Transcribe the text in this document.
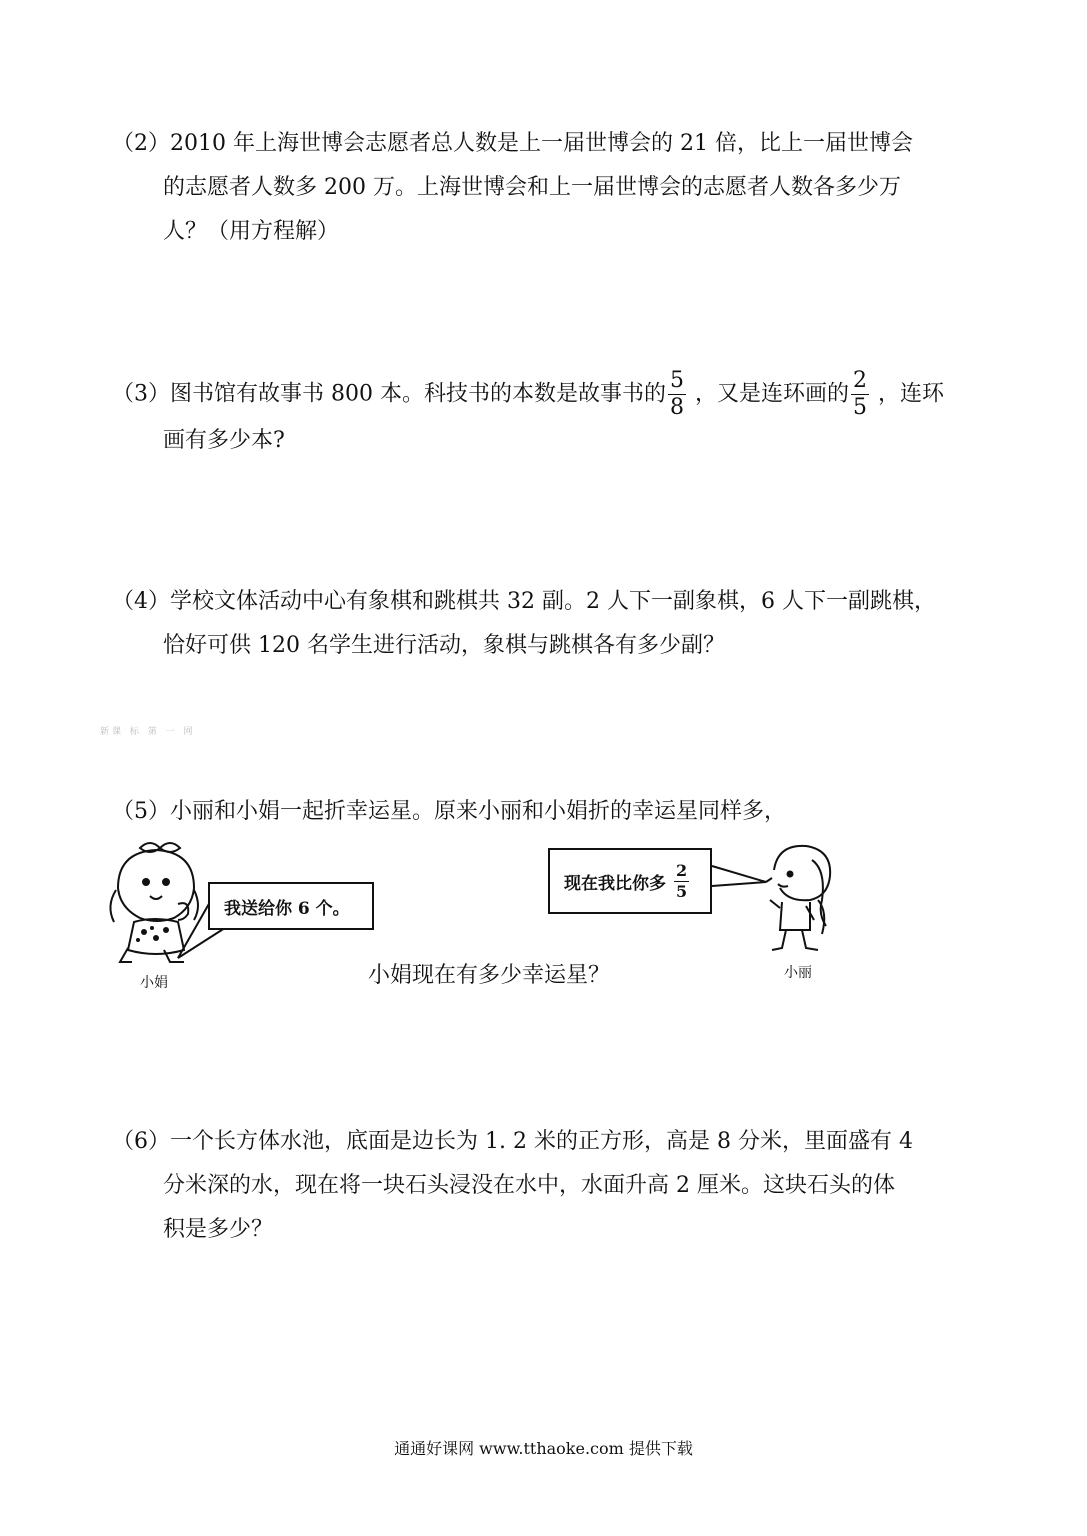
（2）2010 年上海世博会志愿者总人数是上一届世博会的 21 倍，比上一届世博会
的志愿者人数多 200 万。上海世博会和上一届世博会的志愿者人数各多少万
人？（用方程解）
（3）图书馆有故事书 800 本。科技书的本数是故事书的 $\frac{5}{8}$ ，又是连环画的 $\frac{2}{5}$ ，连环
画有多少本?
（4）学校文体活动中心有象棋和跳棋共 32 副。2 人下一副象棋，6 人下一副跳棋，
恰好可供 120 名学生进行活动，象棋与跳棋各有多少副？
新课 标 第 一 网
（5）小丽和小娟一起折幸运星。原来小丽和小娟折的幸运星同样多，
小娟
我送给你 6 个。
现在我比你多 $\frac{2}{5}$
小丽
小娟现在有多少幸运星？
（6）一个长方体水池，底面是边长为 1. 2 米的正方形，高是 8 分米，里面盛有 4
分米深的水，现在将一块石头浸没在水中，水面升高 2 厘米。这块石头的体
积是多少？
通通好课网 www.tthaoke.com 提供下载
